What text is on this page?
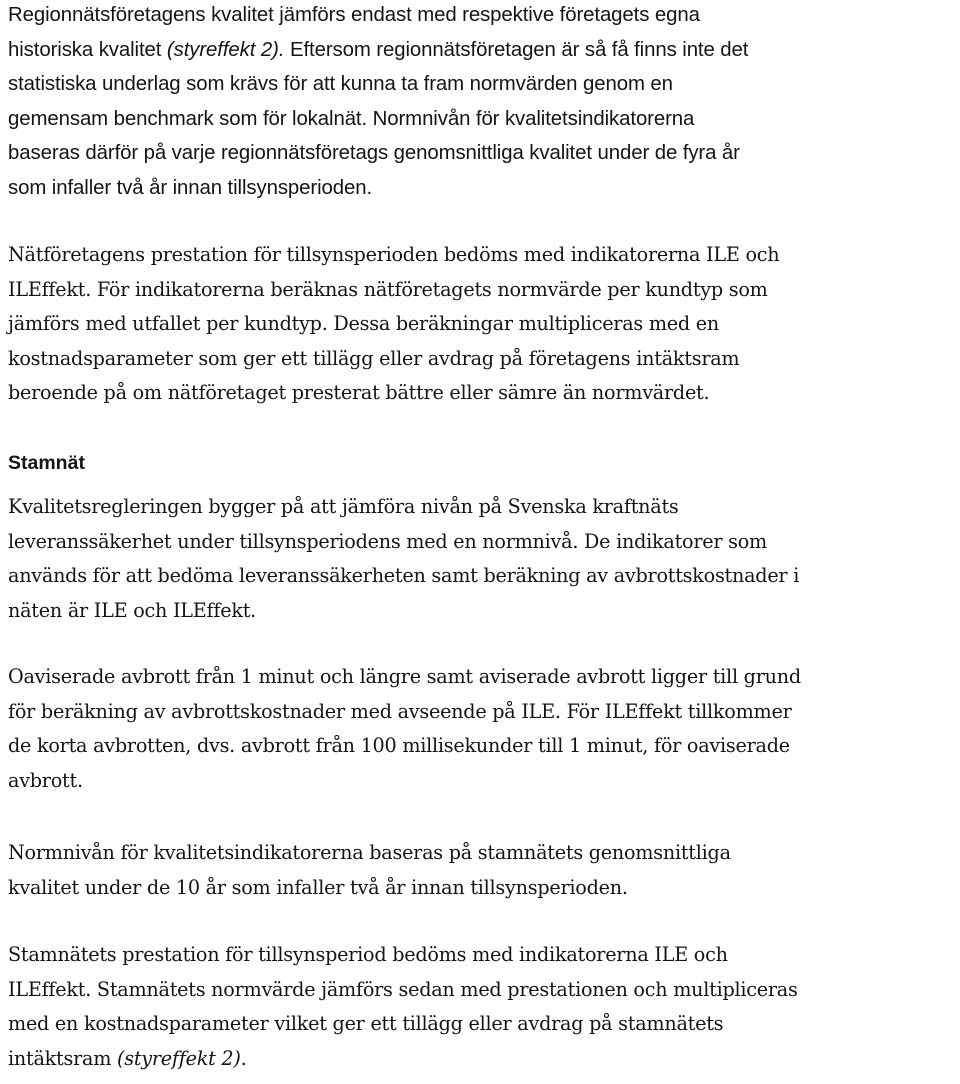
Regionnätsföretagens kvalitet jämförs endast med respektive företagets egna
historiska kvalitet (styreffekt 2). Eftersom regionnätsföretagen är så få finns inte det
statistiska underlag som krävs för att kunna ta fram normvärden genom en
gemensam benchmark som för lokalnät. Normnivån för kvalitetsindikatorerna
baseras därför på varje regionnätsföretags genomsnittliga kvalitet under de fyra år
som infaller två år innan tillsynsperioden.

Nätföretagens prestation för tillsynsperioden bedöms med indikatorerna ILE och
ILEffekt. För indikatorerna beräknas nätföretagets normvärde per kundtyp som
jämförs med utfallet per kundtyp. Dessa beräkningar multipliceras med en
kostnadsparameter som ger ett tillägg eller avdrag på företagens intäktsram
beroende på om nätföretaget presterat bättre eller sämre än normvärdet.

Stamnät

Kvalitetsregleringen bygger på att jämföra nivån på Svenska kraftnäts
leveranssäkerhet under tillsynsperiodens med en normnivå. De indikatorer som
används för att bedöma leveranssäkerheten samt beräkning av avbrottskostnader i
näten är ILE och ILEffekt.

Oaviserade avbrott från 1 minut och längre samt aviserade avbrott ligger till grund
för beräkning av avbrottskostnader med avseende på ILE. För ILEffekt tillkommer
de korta avbrotten, dvs. avbrott från 100 millisekunder till 1 minut, för oaviserade
avbrott.

Normnivån för kvalitetsindikatorerna baseras på stamnätets genomsnittliga
kvalitet under de 10 år som infaller två år innan tillsynsperioden.

Stamnätets prestation för tillsynsperiod bedöms med indikatorerna ILE och
ILEffekt. Stamnätets normvärde jämförs sedan med prestationen och multipliceras
med en kostnadsparameter vilket ger ett tillägg eller avdrag på stamnätets
intäktsram (styreffekt 2).
